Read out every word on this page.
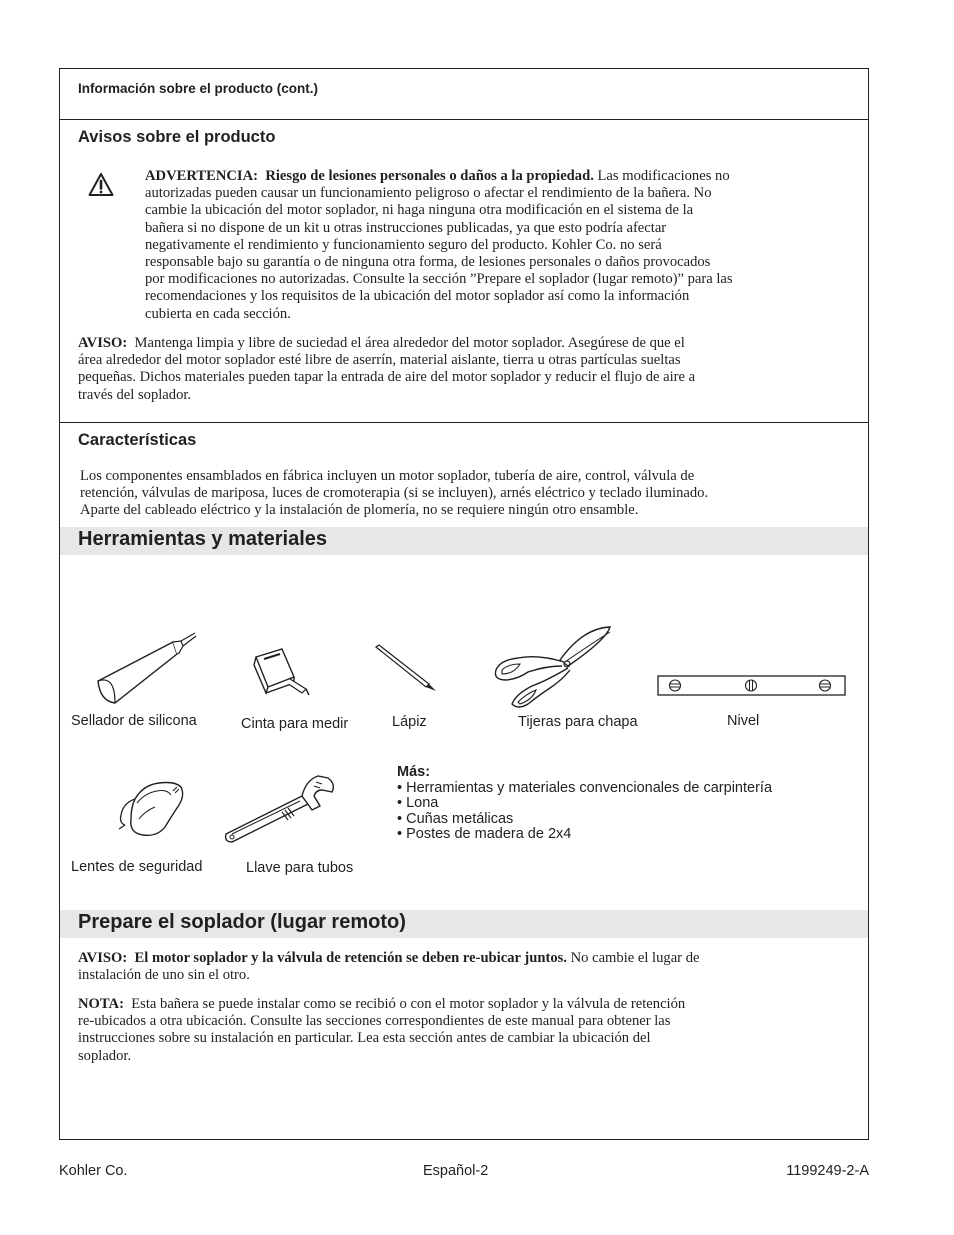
Información sobre el producto (cont.)
Avisos sobre el producto
ADVERTENCIA: Riesgo de lesiones personales o daños a la propiedad. Las modificaciones no
autorizadas pueden causar un funcionamiento peligroso o afectar el rendimiento de la bañera. No
cambie la ubicación del motor soplador, ni haga ninguna otra modificación en el sistema de la
bañera si no dispone de un kit u otras instrucciones publicadas, ya que esto podría afectar
negativamente el rendimiento y funcionamiento seguro del producto. Kohler Co. no será
responsable bajo su garantía o de ninguna otra forma, de lesiones personales o daños provocados
por modificaciones no autorizadas. Consulte la sección ”Prepare el soplador (lugar remoto)” para las
recomendaciones y los requisitos de la ubicación del motor soplador así como la información
cubierta en cada sección.
AVISO: Mantenga limpia y libre de suciedad el área alrededor del motor soplador. Asegúrese de que el
área alrededor del motor soplador esté libre de aserrín, material aislante, tierra u otras partículas sueltas
pequeñas. Dichos materiales pueden tapar la entrada de aire del motor soplador y reducir el flujo de aire a
través del soplador.
Características
Los componentes ensamblados en fábrica incluyen un motor soplador, tubería de aire, control, válvula de
retención, válvulas de mariposa, luces de cromoterapia (si se incluyen), arnés eléctrico y teclado iluminado.
Aparte del cableado eléctrico y la instalación de plomería, no se requiere ningún otro ensamble.
Herramientas y materiales
Sellador de silicona	Cinta para medir	Lápiz	Tijeras para chapa	Nivel
Lentes de seguridad	Llave para tubos
Más:
• Herramientas y materiales convencionales de carpintería
• Lona
• Cuñas metálicas
• Postes de madera de 2x4
Prepare el soplador (lugar remoto)
AVISO: El motor soplador y la válvula de retención se deben re-ubicar juntos. No cambie el lugar de
instalación de uno sin el otro.
NOTA: Esta bañera se puede instalar como se recibió o con el motor soplador y la válvula de retención
re-ubicados a otra ubicación. Consulte las secciones correspondientes de este manual para obtener las
instrucciones sobre su instalación en particular. Lea esta sección antes de cambiar la ubicación del
soplador.
Kohler Co.	Español-2	1199249-2-A
